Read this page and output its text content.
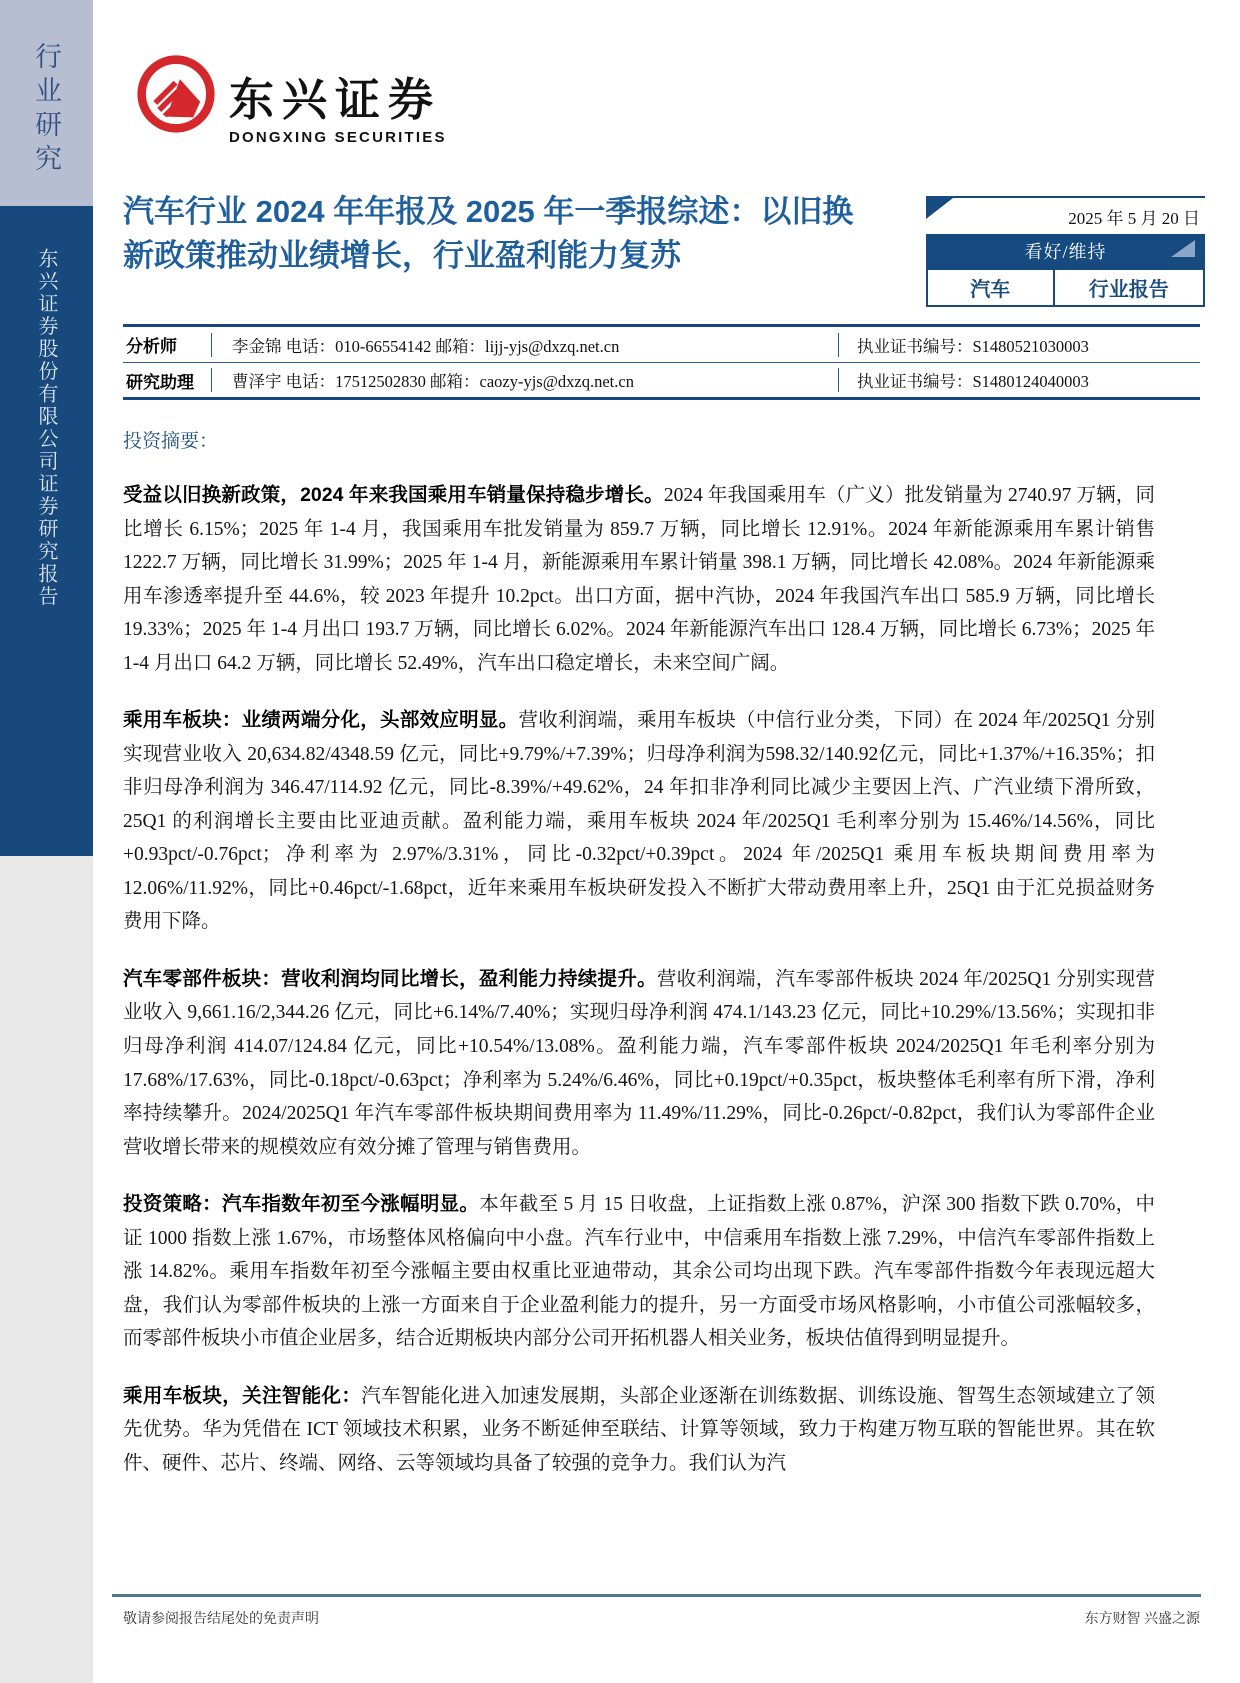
行业研究
东兴证券股份有限公司证券研究报告
东兴证券
DONGXING SECURITIES
汽车行业 2024 年年报及 2025 年一季报综述：以旧换新政策推动业绩增长，行业盈利能力复苏
2025 年 5 月 20 日
看好/维持
汽车	行业报告
分析师	李金锦 电话：010-66554142 邮箱：lijj-yjs@dxzq.net.cn	执业证书编号：S1480521030003
研究助理	曹泽宇 电话：17512502830 邮箱：caozy-yjs@dxzq.net.cn	执业证书编号：S1480124040003
投资摘要：

受益以旧换新政策，2024 年来我国乘用车销量保持稳步增长。2024 年我国乘用车（广义）批发销量为 2740.97 万辆，同比增长 6.15%；2025 年 1-4 月，我国乘用车批发销量为 859.7 万辆，同比增长 12.91%。2024 年新能源乘用车累计销售 1222.7 万辆，同比增长 31.99%；2025 年 1-4 月，新能源乘用车累计销量 398.1 万辆，同比增长 42.08%。2024 年新能源乘用车渗透率提升至 44.6%，较 2023 年提升 10.2pct。出口方面，据中汽协，2024 年我国汽车出口 585.9 万辆，同比增长 19.33%；2025 年 1-4 月出口 193.7 万辆，同比增长 6.02%。2024 年新能源汽车出口 128.4 万辆，同比增长 6.73%；2025 年 1-4 月出口 64.2 万辆，同比增长 52.49%，汽车出口稳定增长，未来空间广阔。

乘用车板块：业绩两端分化，头部效应明显。营收利润端，乘用车板块（中信行业分类，下同）在 2024 年/2025Q1 分别实现营业收入 20,634.82/4348.59 亿元，同比+9.79%/+7.39%；归母净利润为598.32/140.92亿元，同比+1.37%/+16.35%；扣非归母净利润为 346.47/114.92 亿元，同比-8.39%/+49.62%，24 年扣非净利同比减少主要因上汽、广汽业绩下滑所致，25Q1 的利润增长主要由比亚迪贡献。盈利能力端，乘用车板块 2024 年/2025Q1 毛利率分别为 15.46%/14.56%，同比+0.93pct/-0.76pct；净利率为 2.97%/3.31%，同比-0.32pct/+0.39pct。2024 年/2025Q1 乘用车板块期间费用率为 12.06%/11.92%，同比+0.46pct/-1.68pct，近年来乘用车板块研发投入不断扩大带动费用率上升，25Q1 由于汇兑损益财务费用下降。

汽车零部件板块：营收利润均同比增长，盈利能力持续提升。营收利润端，汽车零部件板块 2024 年/2025Q1 分别实现营业收入 9,661.16/2,344.26 亿元，同比+6.14%/7.40%；实现归母净利润 474.1/143.23 亿元，同比+10.29%/13.56%；实现扣非归母净利润 414.07/124.84 亿元，同比+10.54%/13.08%。盈利能力端，汽车零部件板块 2024/2025Q1 年毛利率分别为 17.68%/17.63%，同比-0.18pct/-0.63pct；净利率为 5.24%/6.46%，同比+0.19pct/+0.35pct，板块整体毛利率有所下滑，净利率持续攀升。2024/2025Q1 年汽车零部件板块期间费用率为 11.49%/11.29%，同比-0.26pct/-0.82pct，我们认为零部件企业营收增长带来的规模效应有效分摊了管理与销售费用。

投资策略：汽车指数年初至今涨幅明显。本年截至 5 月 15 日收盘，上证指数上涨 0.87%，沪深 300 指数下跌 0.70%，中证 1000 指数上涨 1.67%，市场整体风格偏向中小盘。汽车行业中，中信乘用车指数上涨 7.29%，中信汽车零部件指数上涨 14.82%。乘用车指数年初至今涨幅主要由权重比亚迪带动，其余公司均出现下跌。汽车零部件指数今年表现远超大盘，我们认为零部件板块的上涨一方面来自于企业盈利能力的提升，另一方面受市场风格影响，小市值公司涨幅较多，而零部件板块小市值企业居多，结合近期板块内部分公司开拓机器人相关业务，板块估值得到明显提升。

乘用车板块，关注智能化：汽车智能化进入加速发展期，头部企业逐渐在训练数据、训练设施、智驾生态领域建立了领先优势。华为凭借在 ICT 领域技术积累，业务不断延伸至联结、计算等领域，致力于构建万物互联的智能世界。其在软件、硬件、芯片、终端、网络、云等领域均具备了较强的竞争力。我们认为汽

敬请参阅报告结尾处的免责声明	东方财智 兴盛之源
